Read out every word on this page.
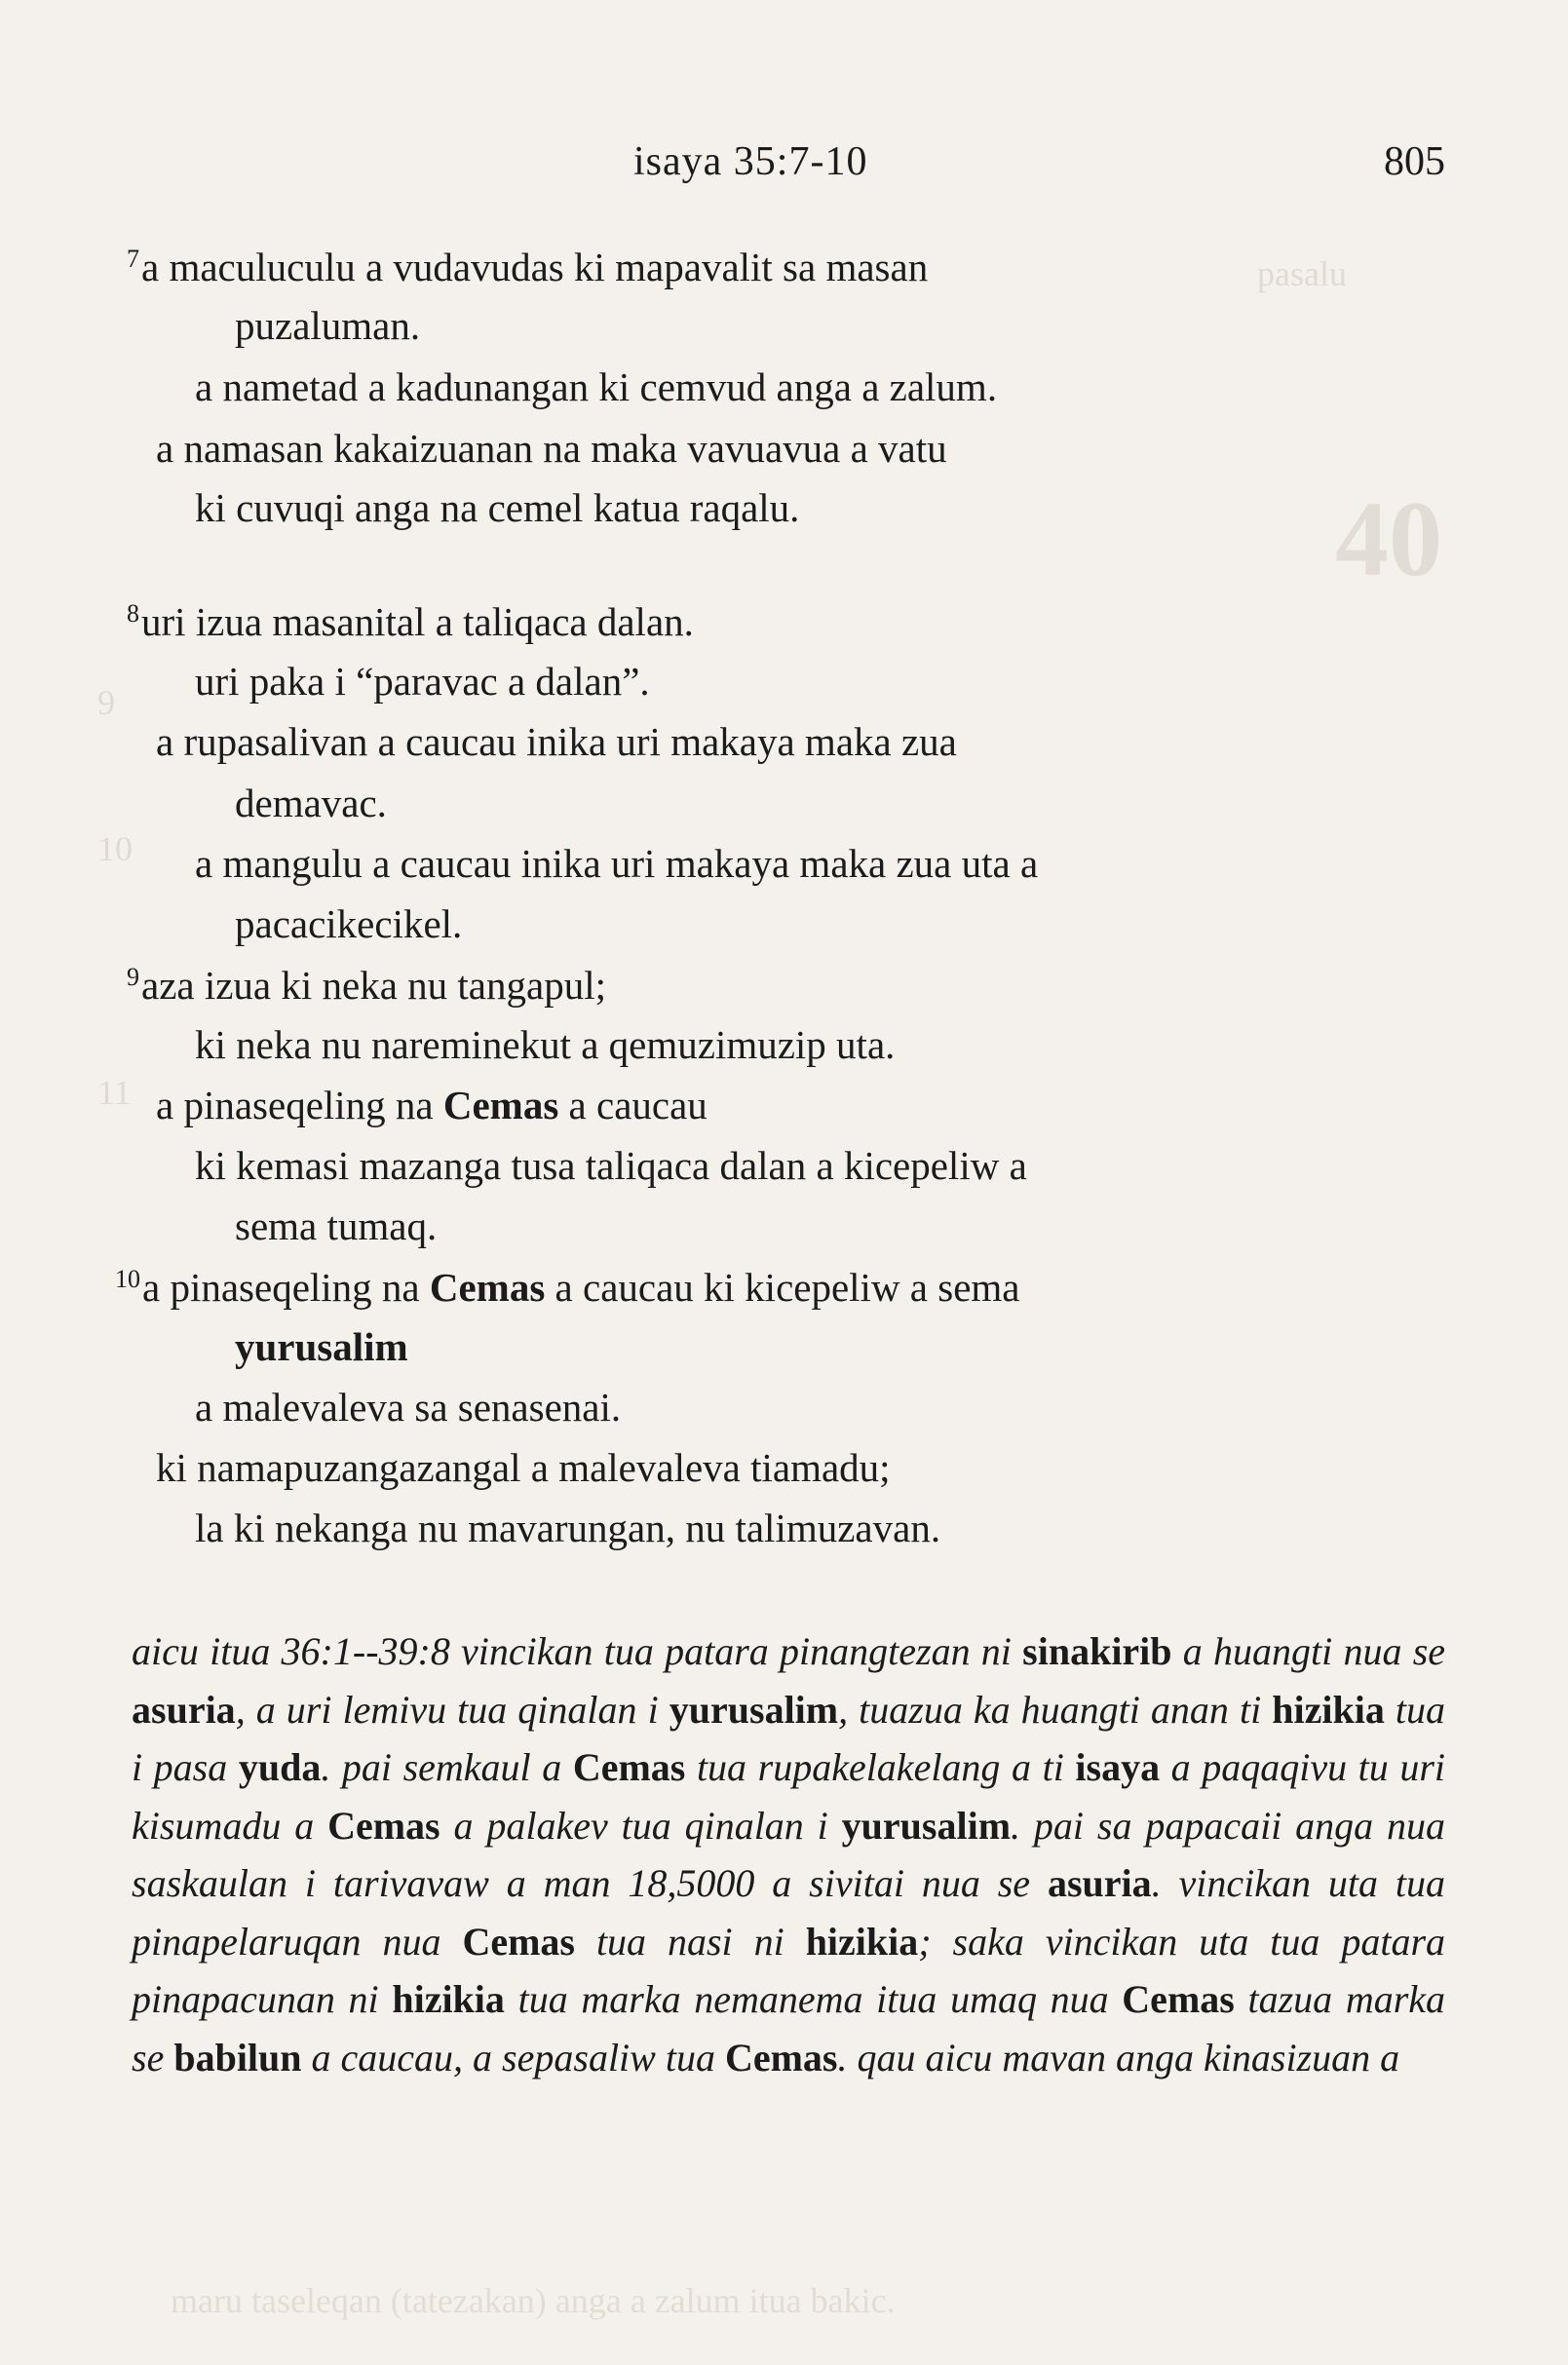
40
pasalu
9
10
11
isaya 35:7-10	805
$^7$a maculuculu a vudavudas ki mapavalit sa masan
puzaluman.
a nametad a kadunangan ki cemvud anga a zalum.
a namasan kakaizuanan na maka vavuavua a vatu
ki cuvuqi anga na cemel katua raqalu.
$^8$uri izua masanital a taliqaca dalan.
uri paka i “paravac a dalan”.
a rupasalivan a caucau inika uri makaya maka zua
demavac.
a mangulu a caucau inika uri makaya maka zua uta a
pacacikecikel.
$^9$aza izua ki neka nu tangapul;
ki neka nu nareminekut a qemuzimuzip uta.
a pinaseqeling na Cemas a caucau
ki kemasi mazanga tusa taliqaca dalan a kicepeliw a
sema tumaq.
$^{10}$a pinaseqeling na Cemas a caucau ki kicepeliw a sema
yurusalim
a malevaleva sa senasenai.
ki namapuzangazangal a malevaleva tiamadu;
la ki nekanga nu mavarungan, nu talimuzavan.
aicu itua 36:1--39:8 vincikan tua patara pinangtezan ni sinakirib a huangti nua se asuria, a uri lemivu tua qinalan i yurusalim, tuazua ka huangti anan ti hizikia tua i pasa yuda. pai semkaul a Cemas tua rupakelakelang a ti isaya a paqaqivu tu uri kisumadu a Cemas a palakev tua qinalan i yurusalim. pai sa papacaii anga nua saskaulan i tarivavaw a man 18,5000 a sivitai nua se asuria. vincikan uta tua pinapelaruqan nua Cemas tua nasi ni hizikia; saka vincikan uta tua patara pinapacunan ni hizikia tua marka nemanema itua umaq nua Cemas tazua marka se babilun a caucau, a sepasaliw tua Cemas. qau aicu mavan anga kinasizuan a
maru taseleqan (tatezakan) anga a zalum itua bakic.
